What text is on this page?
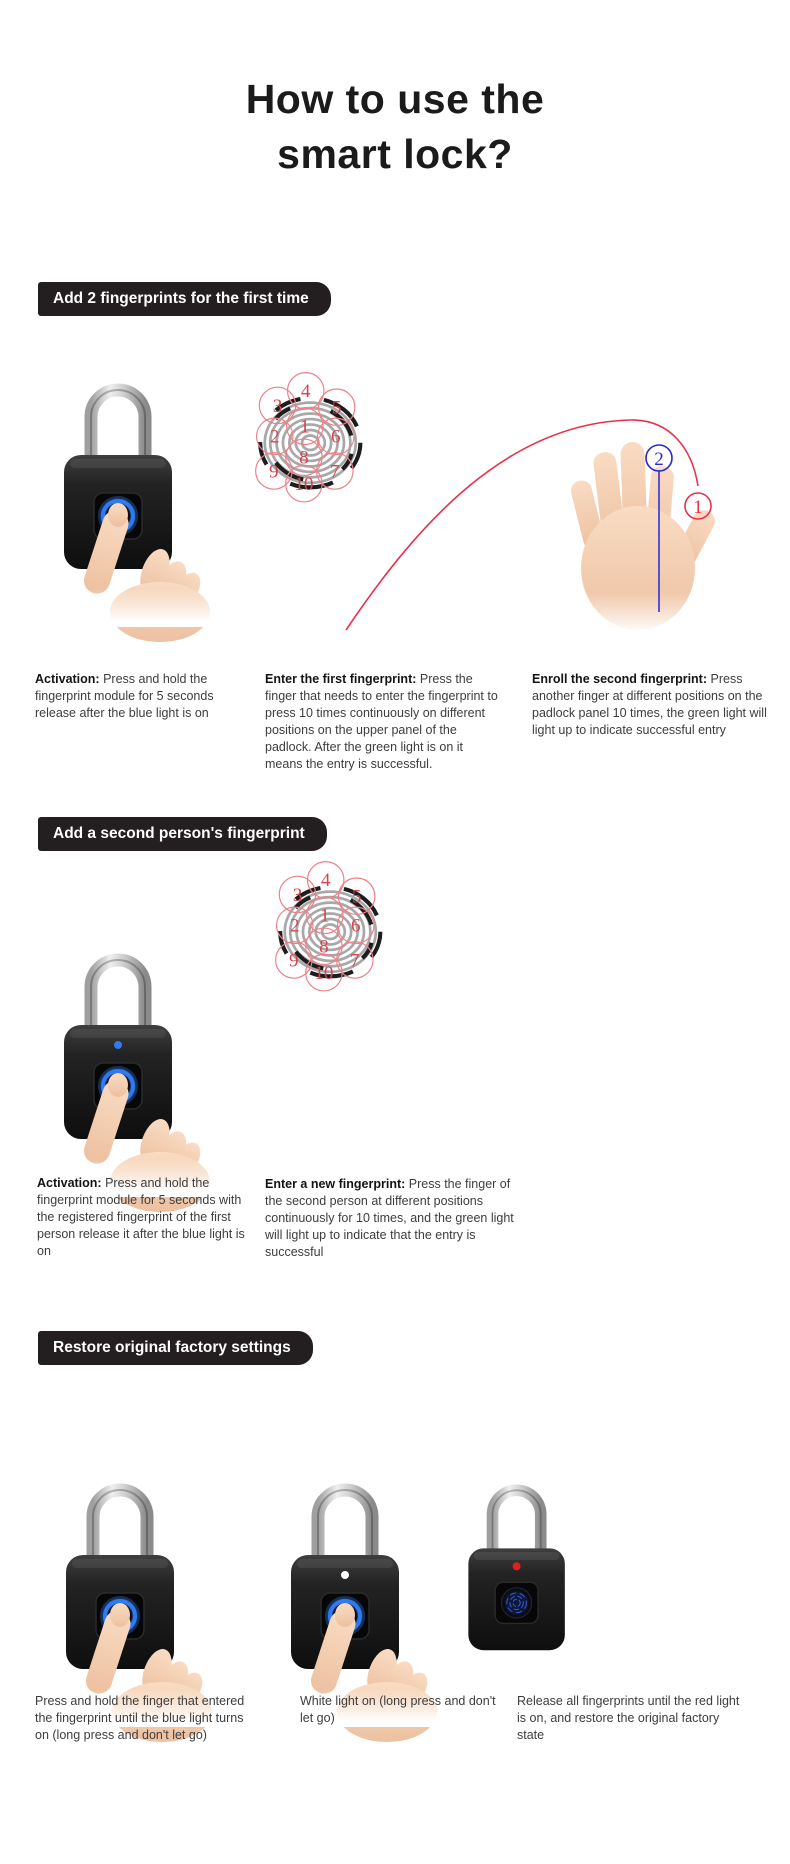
How to use the
smart lock?
Add 2 fingerprints for the first time
Add a second person's fingerprint
Restore original factory settings
2
1
Activation: Press and hold the fingerprint module for 5 seconds release after the blue light is on
Enter the first fingerprint: Press the finger that needs to enter the fingerprint to press 10 times continuously on different positions on the upper panel of the padlock. After the green light is on it means the entry is successful.
Enroll the second fingerprint: Press another finger at different positions on the padlock panel 10 times, the green light will light up to indicate successful entry
Activation: Press and hold the fingerprint module for 5 seconds with the registered fingerprint of the first person release it after the blue light is on
Enter a new fingerprint: Press the finger of the second person at different positions continuously for 10 times, and the green light will light up to indicate that the entry is successful
Press and hold the finger that entered the fingerprint until the blue light turns on (long press and don't let go)
White light on (long press and don't let go)
Release all fingerprints until the red light is on, and restore the original factory state
